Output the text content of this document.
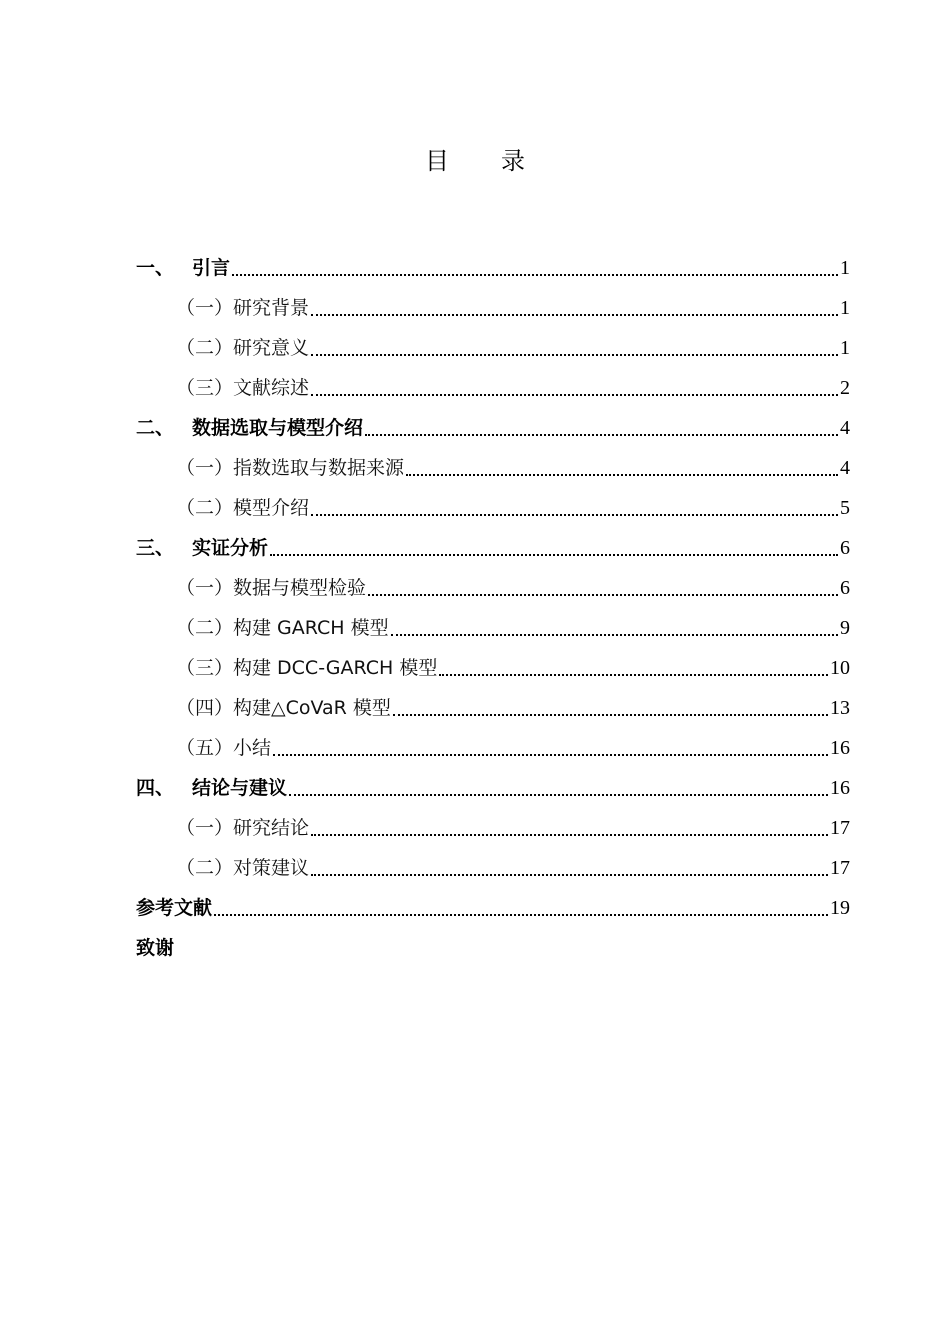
目 录
一、 引言	1
（一）研究背景	1
（二）研究意义	1
（三）文献综述	2
二、 数据选取与模型介绍	4
（一）指数选取与数据来源	4
（二）模型介绍	5
三、 实证分析	6
（一）数据与模型检验	6
（二）构建 GARCH 模型	9
（三）构建 DCC-GARCH 模型	10
（四）构建△CoVaR 模型	13
（五）小结	16
四、 结论与建议	16
（一）研究结论	17
（二）对策建议	17
参考文献	19
致谢
